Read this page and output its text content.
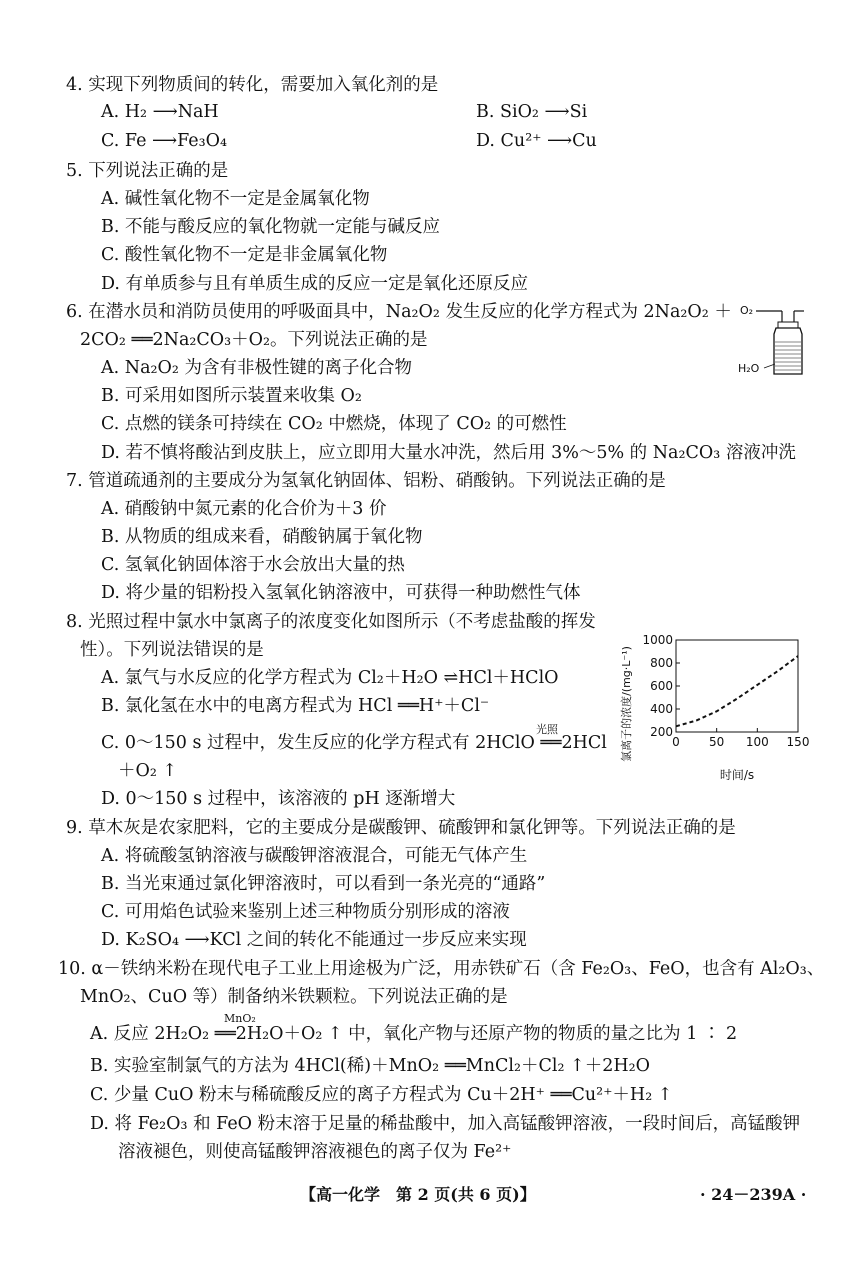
4. 实现下列物质间的转化，需要加入氧化剂的是
A. H₂ ⟶NaH	B. SiO₂ ⟶Si
C. Fe ⟶Fe₃O₄	D. Cu²⁺ ⟶Cu
5. 下列说法正确的是
A. 碱性氧化物不一定是金属氧化物
B. 不能与酸反应的氧化物就一定能与碱反应
C. 酸性氧化物不一定是非金属氧化物
D. 有单质参与且有单质生成的反应一定是氧化还原反应
6. 在潜水员和消防员使用的呼吸面具中，Na₂O₂ 发生反应的化学方程式为 2Na₂O₂ ＋
2CO₂ ══2Na₂CO₃＋O₂。下列说法正确的是
A. Na₂O₂ 为含有非极性键的离子化合物
B. 可采用如图所示装置来收集 O₂
C. 点燃的镁条可持续在 CO₂ 中燃烧，体现了 CO₂ 的可燃性
D. 若不慎将酸沾到皮肤上，应立即用大量水冲洗，然后用 3%～5% 的 Na₂CO₃ 溶液冲洗
O₂
H₂O
7. 管道疏通剂的主要成分为氢氧化钠固体、铝粉、硝酸钠。下列说法正确的是
A. 硝酸钠中氮元素的化合价为＋3 价
B. 从物质的组成来看，硝酸钠属于氧化物
C. 氢氧化钠固体溶于水会放出大量的热
D. 将少量的铝粉投入氢氧化钠溶液中，可获得一种助燃性气体
8. 光照过程中氯水中氯离子的浓度变化如图所示（不考虑盐酸的挥发
性）。下列说法错误的是
A. 氯气与水反应的化学方程式为 Cl₂＋H₂O ⇌HCl＋HClO
B. 氯化氢在水中的电离方程式为 HCl ══H⁺＋Cl⁻
C. 0～150 s 过程中，发生反应的化学方程式有 2HClO ══2HCl
光照
＋O₂ ↑
D. 0～150 s 过程中，该溶液的 pH 逐渐增大
氯离子的浓度/(mg·L⁻¹) 200
400
600
800
1000
0 50 100 150
时间/s
9. 草木灰是农家肥料，它的主要成分是碳酸钾、硫酸钾和氯化钾等。下列说法正确的是
A. 将硫酸氢钠溶液与碳酸钾溶液混合，可能无气体产生
B. 当光束通过氯化钾溶液时，可以看到一条光亮的“通路”
C. 可用焰色试验来鉴别上述三种物质分别形成的溶液
D. K₂SO₄ ⟶KCl 之间的转化不能通过一步反应来实现
10. α－铁纳米粉在现代电子工业上用途极为广泛，用赤铁矿石（含 Fe₂O₃、FeO，也含有 Al₂O₃、
MnO₂、CuO 等）制备纳米铁颗粒。下列说法正确的是
MnO₂
A. 反应 2H₂O₂ ══2H₂O＋O₂ ↑ 中，氧化产物与还原产物的物质的量之比为 1 ∶ 2
B. 实验室制氯气的方法为 4HCl(稀)＋MnO₂ ══MnCl₂＋Cl₂ ↑＋2H₂O
C. 少量 CuO 粉末与稀硫酸反应的离子方程式为 Cu＋2H⁺ ══Cu²⁺＋H₂ ↑
D. 将 Fe₂O₃ 和 FeO 粉末溶于足量的稀盐酸中，加入高锰酸钾溶液，一段时间后，高锰酸钾
溶液褪色，则使高锰酸钾溶液褪色的离子仅为 Fe²⁺
【高一化学　第 2 页(共 6 页)】	· 24－239A ·
